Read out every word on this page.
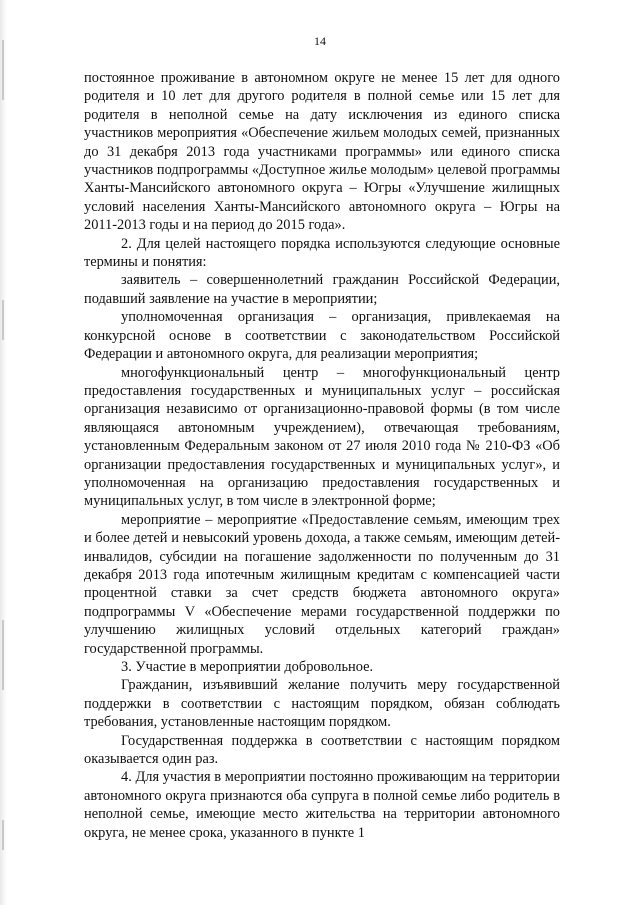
14

постоянное проживание в автономном округе не менее 15 лет для одного родителя и 10 лет для другого родителя в полной семье или 15 лет для родителя в неполной семье на дату исключения из единого списка участников мероприятия «Обеспечение жильем молодых семей, признанных до 31 декабря 2013 года участниками программы» или единого списка участников подпрограммы «Доступное жилье молодым» целевой программы Ханты-Мансийского автономного округа – Югры «Улучшение жилищных условий населения Ханты-Мансийского автономного округа – Югры на 2011-2013 годы и на период до 2015 года».

2. Для целей настоящего порядка используются следующие основные термины и понятия:

заявитель – совершеннолетний гражданин Российской Федерации, подавший заявление на участие в мероприятии;

уполномоченная организация – организация, привлекаемая на конкурсной основе в соответствии с законодательством Российской Федерации и автономного округа, для реализации мероприятия;

многофункциональный центр – многофункциональный центр предоставления государственных и муниципальных услуг – российская организация независимо от организационно-правовой формы (в том числе являющаяся автономным учреждением), отвечающая требованиям, установленным Федеральным законом от 27 июля 2010 года № 210-ФЗ «Об организации предоставления государственных и муниципальных услуг», и уполномоченная на организацию предоставления государственных и муниципальных услуг, в том числе в электронной форме;

мероприятие – мероприятие «Предоставление семьям, имеющим трех и более детей и невысокий уровень дохода, а также семьям, имеющим детей-инвалидов, субсидии на погашение задолженности по полученным до 31 декабря 2013 года ипотечным жилищным кредитам с компенсацией части процентной ставки за счет средств бюджета автономного округа» подпрограммы V «Обеспечение мерами государственной поддержки по улучшению жилищных условий отдельных категорий граждан» государственной программы.

3. Участие в мероприятии добровольное.

Гражданин, изъявивший желание получить меру государственной поддержки в соответствии с настоящим порядком, обязан соблюдать требования, установленные настоящим порядком.

Государственная поддержка в соответствии с настоящим порядком оказывается один раз.

4. Для участия в мероприятии постоянно проживающим на территории автономного округа признаются оба супруга в полной семье либо родитель в неполной семье, имеющие место жительства на территории автономного округа, не менее срока, указанного в пункте 1
